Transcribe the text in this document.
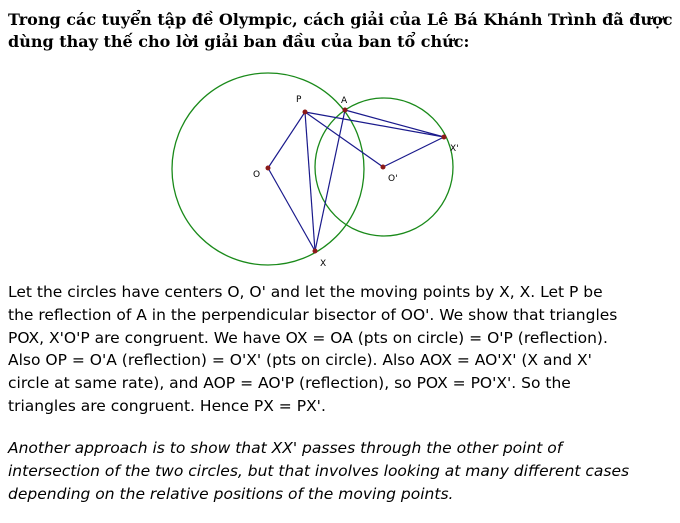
Trong các tuyển tập đề Olympic, cách giải của Lê Bá Khánh Trình đã được
dùng thay thế cho lời giải ban đầu của ban tổ chức:
P	A
O	O'
X'
X
Let the circles have centers O, O' and let the moving points by X, X. Let P be
the reflection of A in the perpendicular bisector of OO'. We show that triangles
POX, X'O'P are congruent. We have OX = OA (pts on circle) = O'P (reflection).
Also OP = O'A (reflection) = O'X' (pts on circle). Also AOX = AO'X' (X and X'
circle at same rate), and AOP = AO'P (reflection), so POX = PO'X'. So the
triangles are congruent. Hence PX = PX'.
Another approach is to show that XX' passes through the other point of
intersection of the two circles, but that involves looking at many different cases
depending on the relative positions of the moving points.
